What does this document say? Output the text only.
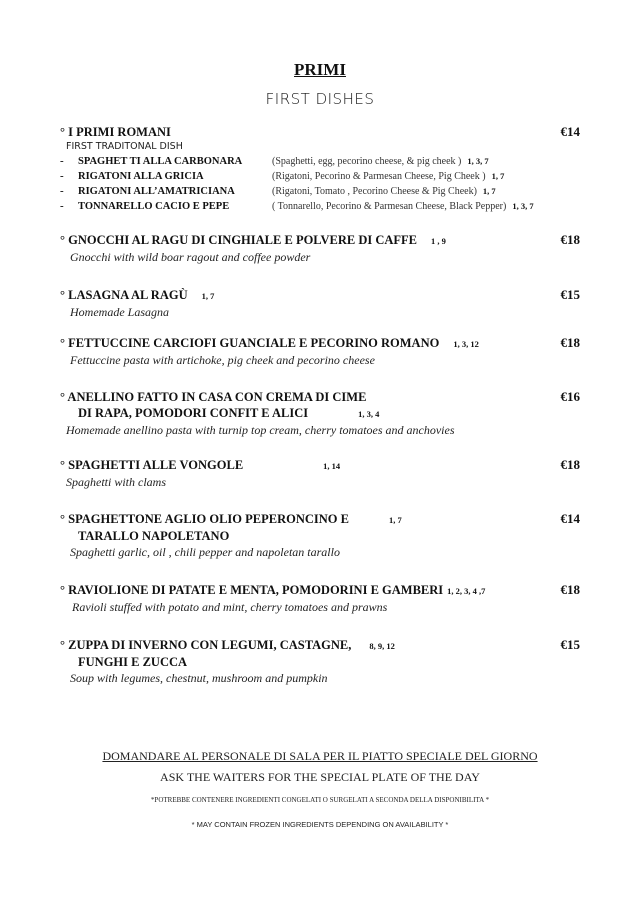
PRIMI
FIRST DISHES
° I PRIMI ROMANI	€14
FIRST TRADITONAL DISH
-	SPAGHET TI ALLA CARBONARA	(Spaghetti, egg, pecorino cheese, & pig cheek ) 1, 3, 7
-	RIGATONI ALLA GRICIA	(Rigatoni, Pecorino & Parmesan Cheese, Pig Cheek ) 1, 7
-	RIGATONI ALL’AMATRICIANA	(Rigatoni, Tomato , Pecorino Cheese & Pig Cheek) 1, 7
-	TONNARELLO CACIO E PEPE	( Tonnarello, Pecorino & Parmesan Cheese, Black Pepper) 1, 3, 7
° GNOCCHI AL RAGU DI CINGHIALE E POLVERE DI CAFFE 1 , 9	€18
Gnocchi with wild boar ragout and coffee powder
° LASAGNA AL RAGÙ 1, 7	€15
Homemade Lasagna
° FETTUCCINE CARCIOFI GUANCIALE E PECORINO ROMANO 1, 3, 12	€18
Fettuccine pasta with artichoke, pig cheek and pecorino cheese
° ANELLINO FATTO IN CASA CON CREMA DI CIME	€16
DI RAPA, POMODORI CONFIT E ALICI	1, 3, 4
Homemade anellino pasta with turnip top cream, cherry tomatoes and anchovies
° SPAGHETTI ALLE VONGOLE	1, 14	€18
Spaghetti with clams
° SPAGHETTONE AGLIO OLIO PEPERONCINO E	1, 7	€14
TARALLO NAPOLETANO
Spaghetti garlic, oil , chili pepper and napoletan tarallo
° RAVIOLIONE DI PATATE E MENTA, POMODORINI E GAMBERI 1, 2, 3, 4 ,7	€18
Ravioli stuffed with potato and mint, cherry tomatoes and prawns
° ZUPPA DI INVERNO CON LEGUMI, CASTAGNE, 8, 9, 12	€15
FUNGHI E ZUCCA
Soup with legumes, chestnut, mushroom and pumpkin
DOMANDARE AL PERSONALE DI SALA PER IL PIATTO SPECIALE DEL GIORNO
ASK THE WAITERS FOR THE SPECIAL PLATE OF THE DAY
*POTREBBE CONTENERE INGREDIENTI CONGELATI O SURGELATI A SECONDA DELLA DISPONIBILITA *
* MAY CONTAIN FROZEN INGREDIENTS DEPENDING ON AVAILABILITY *
